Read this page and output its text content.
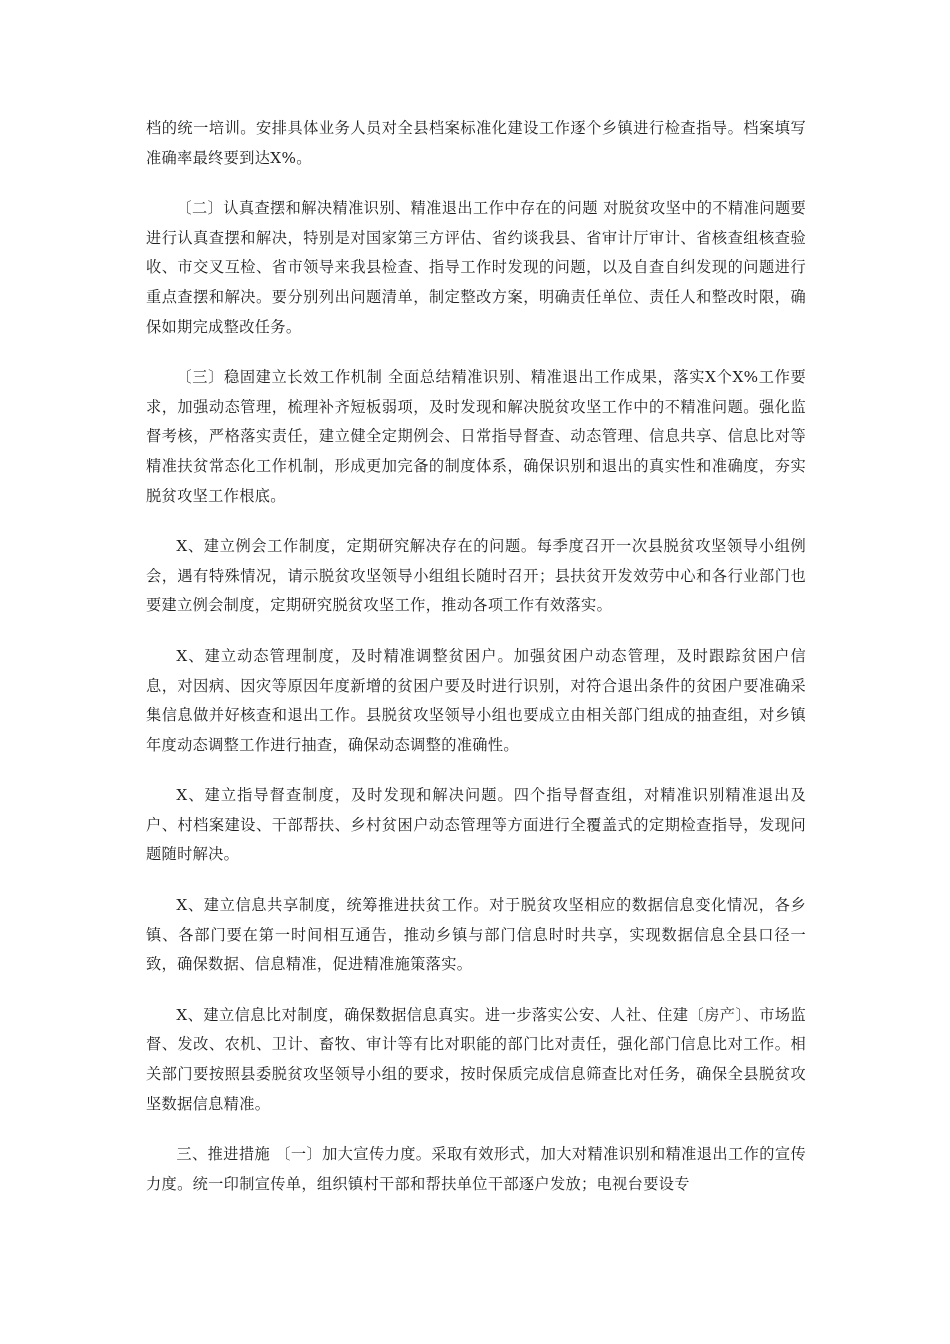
档的统一培训。安排具体业务人员对全县档案标准化建设工作逐个乡镇进行检查指导。档案填写准确率最终要到达X%。

〔二〕认真查摆和解决精准识别、精准退出工作中存在的问题 对脱贫攻坚中的不精准问题要进行认真查摆和解决，特别是对国家第三方评估、省约谈我县、省审计厅审计、省核查组核查验收、市交叉互检、省市领导来我县检查、指导工作时发现的问题，以及自查自纠发现的问题进行重点查摆和解决。要分别列出问题清单，制定整改方案，明确责任单位、责任人和整改时限，确保如期完成整改任务。

〔三〕稳固建立长效工作机制 全面总结精准识别、精准退出工作成果，落实X个X%工作要求，加强动态管理，梳理补齐短板弱项，及时发现和解决脱贫攻坚工作中的不精准问题。强化监督考核，严格落实责任，建立健全定期例会、日常指导督查、动态管理、信息共享、信息比对等精准扶贫常态化工作机制，形成更加完备的制度体系，确保识别和退出的真实性和准确度，夯实脱贫攻坚工作根底。

X、建立例会工作制度，定期研究解决存在的问题。每季度召开一次县脱贫攻坚领导小组例会，遇有特殊情况，请示脱贫攻坚领导小组组长随时召开；县扶贫开发效劳中心和各行业部门也要建立例会制度，定期研究脱贫攻坚工作，推动各项工作有效落实。

X、建立动态管理制度，及时精准调整贫困户。加强贫困户动态管理，及时跟踪贫困户信息，对因病、因灾等原因年度新增的贫困户要及时进行识别，对符合退出条件的贫困户要准确采集信息做并好核查和退出工作。县脱贫攻坚领导小组也要成立由相关部门组成的抽查组，对乡镇年度动态调整工作进行抽查，确保动态调整的准确性。

X、建立指导督查制度，及时发现和解决问题。四个指导督查组，对精准识别精准退出及户、村档案建设、干部帮扶、乡村贫困户动态管理等方面进行全覆盖式的定期检查指导，发现问题随时解决。

X、建立信息共享制度，统筹推进扶贫工作。对于脱贫攻坚相应的数据信息变化情况，各乡镇、各部门要在第一时间相互通告，推动乡镇与部门信息时时共享，实现数据信息全县口径一致，确保数据、信息精准，促进精准施策落实。

X、建立信息比对制度，确保数据信息真实。进一步落实公安、人社、住建〔房产〕、市场监督、发改、农机、卫计、畜牧、审计等有比对职能的部门比对责任，强化部门信息比对工作。相关部门要按照县委脱贫攻坚领导小组的要求，按时保质完成信息筛查比对任务，确保全县脱贫攻坚数据信息精准。

三、推进措施 〔一〕加大宣传力度。采取有效形式，加大对精准识别和精准退出工作的宣传力度。统一印制宣传单，组织镇村干部和帮扶单位干部逐户发放；电视台要设专
